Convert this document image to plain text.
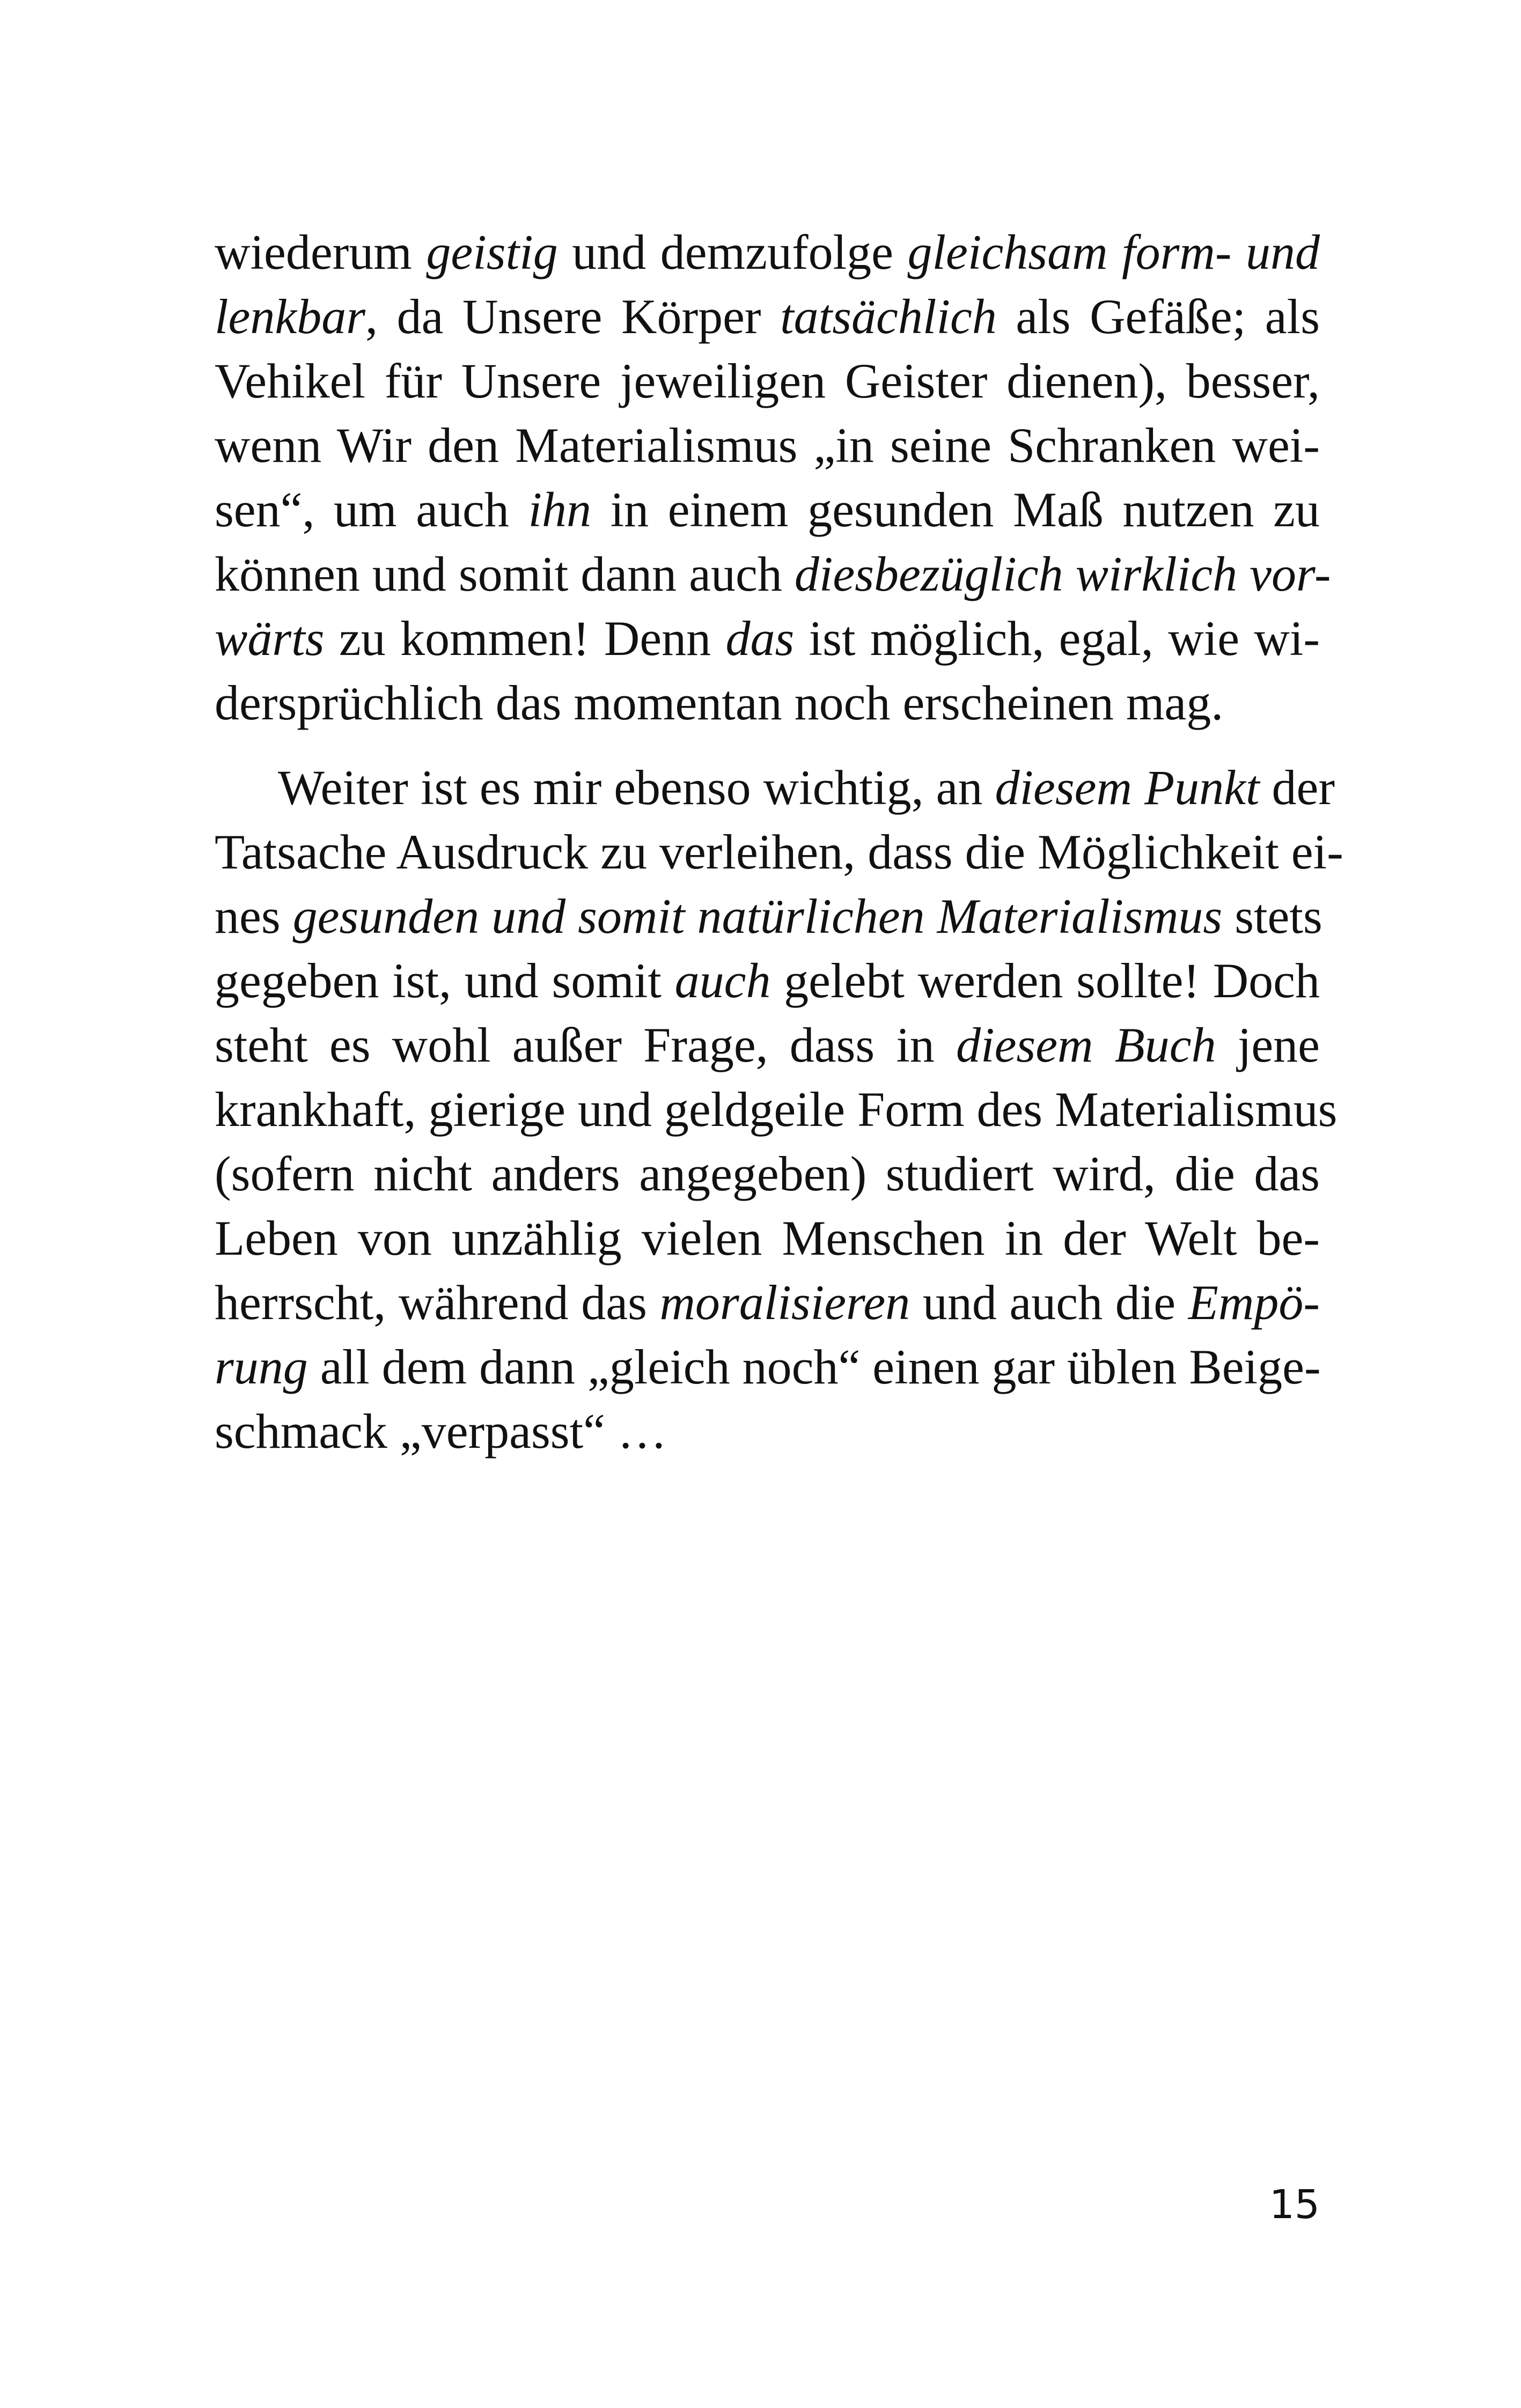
wiederum geistig und demzufolge gleichsam form- und
lenkbar, da Unsere Körper tatsächlich als Gefäße; als
Vehikel für Unsere jeweiligen Geister dienen), besser,
wenn Wir den Materialismus „in seine Schranken wei-
sen“, um auch ihn in einem gesunden Maß nutzen zu
können und somit dann auch diesbezüglich wirklich vor-
wärts zu kommen! Denn das ist möglich, egal, wie wi-
dersprüchlich das momentan noch erscheinen mag.
Weiter ist es mir ebenso wichtig, an diesem Punkt der
Tatsache Ausdruck zu verleihen, dass die Möglichkeit ei-
nes gesunden und somit natürlichen Materialismus stets
gegeben ist, und somit auch gelebt werden sollte! Doch
steht es wohl außer Frage, dass in diesem Buch jene
krankhaft, gierige und geldgeile Form des Materialismus
(sofern nicht anders angegeben) studiert wird, die das
Leben von unzählig vielen Menschen in der Welt be-
herrscht, während das moralisieren und auch die Empö-
rung all dem dann „gleich noch“ einen gar üblen Beige-
schmack „verpasst“ …
15
